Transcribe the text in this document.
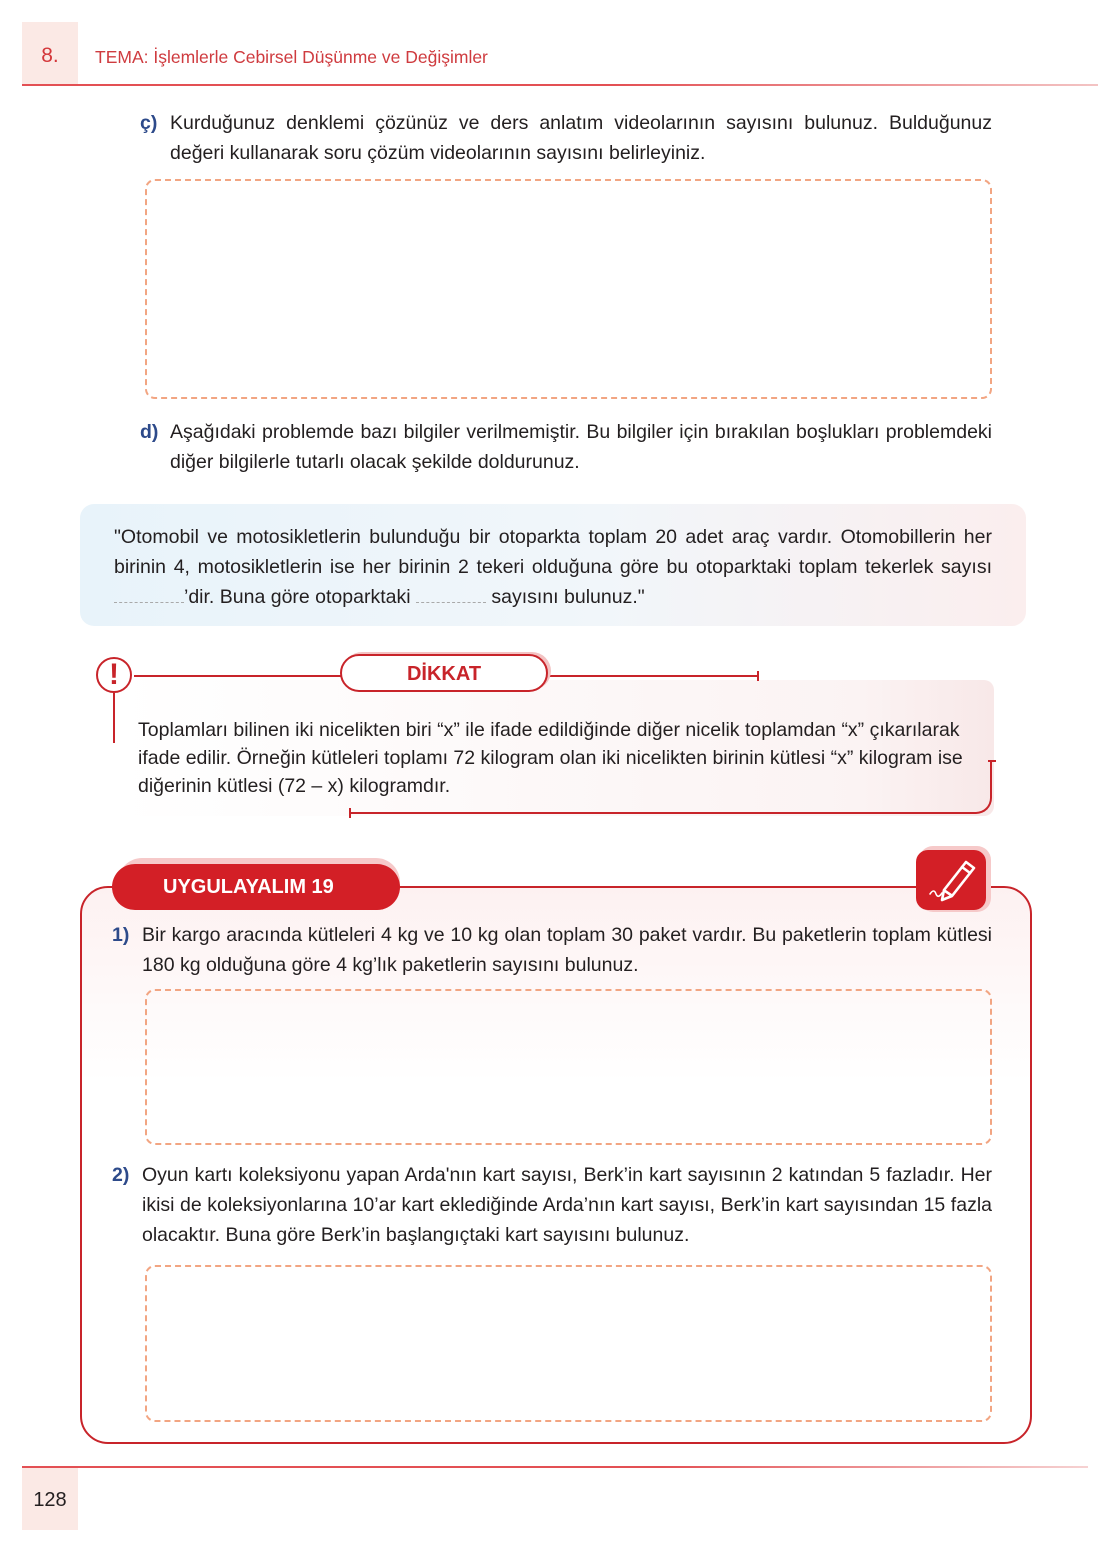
8.	TEMA: İşlemlerle Cebirsel Düşünme ve Değişimler
ç) Kurduğunuz denklemi çözünüz ve ders anlatım videolarının sayısını bulunuz. Bulduğunuz değeri kullanarak soru çözüm videolarının sayısını belirleyiniz.
d) Aşağıdaki problemde bazı bilgiler verilmemiştir. Bu bilgiler için bırakılan boşlukları problemdeki diğer bilgilerle tutarlı olacak şekilde doldurunuz.
"Otomobil ve motosikletlerin bulunduğu bir otoparkta toplam 20 adet araç vardır. Otomobillerin her birinin 4, motosikletlerin ise her birinin 2 tekeri olduğuna göre bu otoparktaki toplam tekerlek sayısı ’dir. Buna göre otoparktaki	sayısını bulunuz."
!	DİKKAT
Toplamları bilinen iki nicelikten biri “x” ile ifade edildiğinde diğer nicelik toplamdan “x” çıkarılarak ifade edilir. Örneğin kütleleri toplamı 72 kilogram olan iki nicelikten birinin kütlesi “x” kilogram ise diğerinin kütlesi (72 – x) kilogramdır.
UYGULAYALIM 19
1) Bir kargo aracında kütleleri 4 kg ve 10 kg olan toplam 30 paket vardır. Bu paketlerin toplam kütlesi 180 kg olduğuna göre 4 kg’lık paketlerin sayısını bulunuz.
2) Oyun kartı koleksiyonu yapan Arda'nın kart sayısı, Berk’in kart sayısının 2 katından 5 fazladır. Her ikisi de koleksiyonlarına 10’ar kart eklediğinde Arda’nın kart sayısı, Berk’in kart sayısından 15 fazla olacaktır. Buna göre Berk’in başlangıçtaki kart sayısını bulunuz.
128
